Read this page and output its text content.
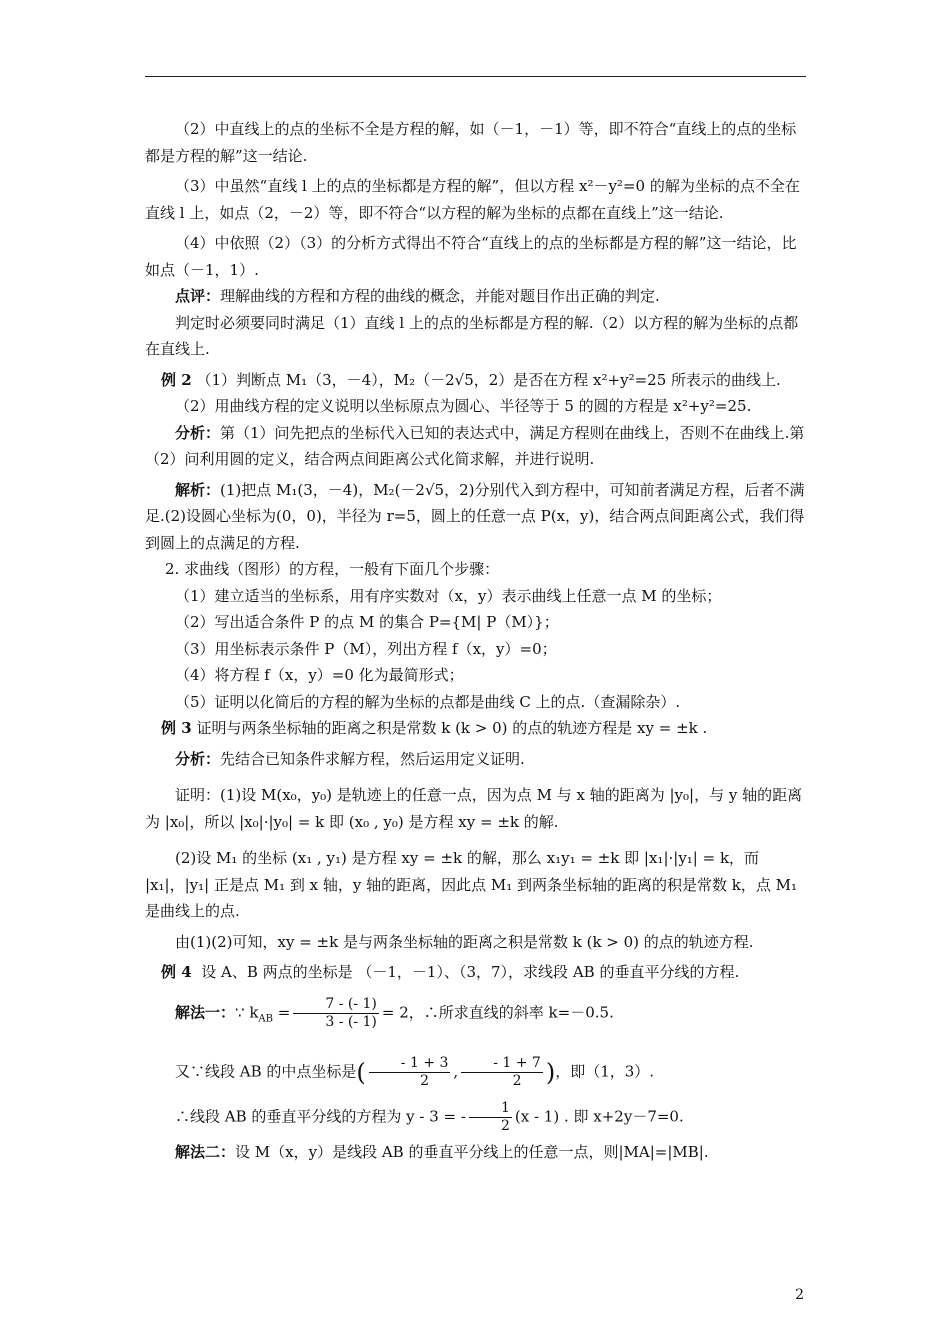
（2）中直线上的点的坐标不全是方程的解，如（－1，－1）等，即不符合“直线上的点的坐标都是方程的解”这一结论.

（3）中虽然“直线 l 上的点的坐标都是方程的解”，但以方程 x²－y²=0 的解为坐标的点不全在直线 l 上，如点（2，－2）等，即不符合“以方程的解为坐标的点都在直线上”这一结论.

（4）中依照（2）（3）的分析方式得出不符合“直线上的点的坐标都是方程的解”这一结论，比如点（－1，1）.

点评：理解曲线的方程和方程的曲线的概念，并能对题目作出正确的判定.

判定时必须要同时满足（1）直线 l 上的点的坐标都是方程的解.（2）以方程的解为坐标的点都在直线上.

例 2 （1）判断点 M₁（3，－4），M₂（－2√5，2）是否在方程 x²+y²=25 所表示的曲线上.

（2）用曲线方程的定义说明以坐标原点为圆心、半径等于 5 的圆的方程是 x²+y²=25.

分析：第（1）问先把点的坐标代入已知的表达式中，满足方程则在曲线上，否则不在曲线上.第（2）问利用圆的定义，结合两点间距离公式化简求解，并进行说明.

解析：(1)把点 M₁(3，－4)，M₂(－2√5，2)分别代入到方程中，可知前者满足方程，后者不满足.(2)设圆心坐标为(0，0)，半径为 r=5，圆上的任意一点 P(x，y)，结合两点间距离公式，我们得到圆上的点满足的方程.

2. 求曲线（图形）的方程，一般有下面几个步骤：

（1）建立适当的坐标系，用有序实数对（x，y）表示曲线上任意一点 M 的坐标；

（2）写出适合条件 P 的点 M 的集合 P={M| P（M）}；

（3）用坐标表示条件 P（M），列出方程 f（x，y）=0；

（4）将方程 f（x，y）=0 化为最简形式；

（5）证明以化简后的方程的解为坐标的点都是曲线 C 上的点.（查漏除杂）.

例 3 证明与两条坐标轴的距离之积是常数 k (k > 0) 的点的轨迹方程是 xy = ±k .

分析：先结合已知条件求解方程，然后运用定义证明.

证明：(1)设 M(x₀，y₀) 是轨迹上的任意一点，因为点 M 与 x 轴的距离为 |y₀|，与 y 轴的距离为 |x₀|，所以 |x₀|·|y₀| = k 即 (x₀ , y₀) 是方程 xy = ±k 的解.

(2)设 M₁ 的坐标 (x₁ , y₁) 是方程 xy = ±k 的解，那么 x₁y₁ = ±k 即 |x₁|·|y₁| = k，而 |x₁|，|y₁| 正是点 M₁ 到 x 轴，y 轴的距离，因此点 M₁ 到两条坐标轴的距离的积是常数 k，点 M₁ 是曲线上的点.

由(1)(2)可知，xy = ±k 是与两条坐标轴的距离之积是常数 k (k > 0) 的点的轨迹方程.

例 4 设 A、B 两点的坐标是 （－1，－1）、（3，7），求线段 AB 的垂直平分线的方程.

解法一：∵ $k_{AB} = \frac{7 - (- 1)}{3 - (- 1)} = 2$，∴所求直线的斜率 k=－0.5.

又∵线段 AB 的中点坐标是( $\frac{- 1 + 3}{2}$ , $\frac{- 1 + 7}{2}$ )，即（1，3）.

∴线段 AB 的垂直平分线的方程为 y - 3 = - $\frac{1}{2} (x - 1)$ . 即 x+2y－7=0.

解法二：设 M（x，y）是线段 AB 的垂直平分线上的任意一点，则|MA|=|MB|.

2
